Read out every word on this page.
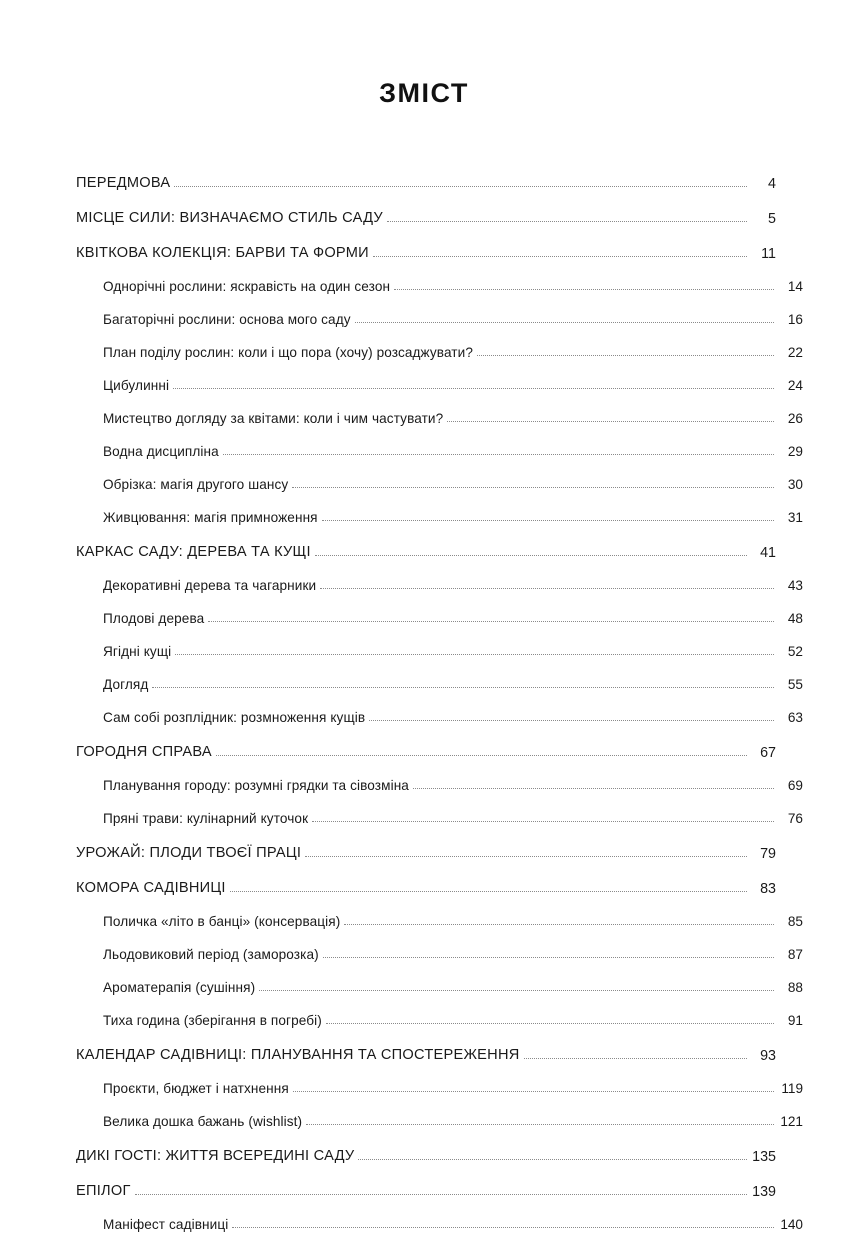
ЗМІСТ
ПЕРЕДМОВА	4
МІСЦЕ СИЛИ: ВИЗНАЧАЄМО СТИЛЬ САДУ	5
КВІТКОВА КОЛЕКЦІЯ: БАРВИ ТА ФОРМИ	11
Однорічні рослини: яскравість на один сезон	14
Багаторічні рослини: основа мого саду	16
План поділу рослин: коли і що пора (хочу) розсаджувати?	22
Цибулинні	24
Мистецтво догляду за квітами: коли і чим частувати?	26
Водна дисципліна	29
Обрізка: магія другого шансу	30
Живцювання: магія примноження	31
КАРКАС САДУ: ДЕРЕВА ТА КУЩІ	41
Декоративні дерева та чагарники	43
Плодові дерева	48
Ягідні кущі	52
Догляд	55
Сам собі розплідник: розмноження кущів	63
ГОРОДНЯ СПРАВА	67
Планування городу: розумні грядки та сівозміна	69
Пряні трави: кулінарний куточок	76
УРОЖАЙ: ПЛОДИ ТВОЄЇ ПРАЦІ	79
КОМОРА САДІВНИЦІ	83
Поличка «літо в банці» (консервація)	85
Льодовиковий період (заморозка)	87
Ароматерапія (сушіння)	88
Тиха година (зберігання в погребі)	91
КАЛЕНДАР САДІВНИЦІ: ПЛАНУВАННЯ ТА СПОСТЕРЕЖЕННЯ	93
Проєкти, бюджет і натхнення	119
Велика дошка бажань (wishlist)	121
ДИКІ ГОСТІ: ЖИТТЯ ВСЕРЕДИНІ САДУ	135
ЕПІЛОГ	139
Маніфест садівниці	140
